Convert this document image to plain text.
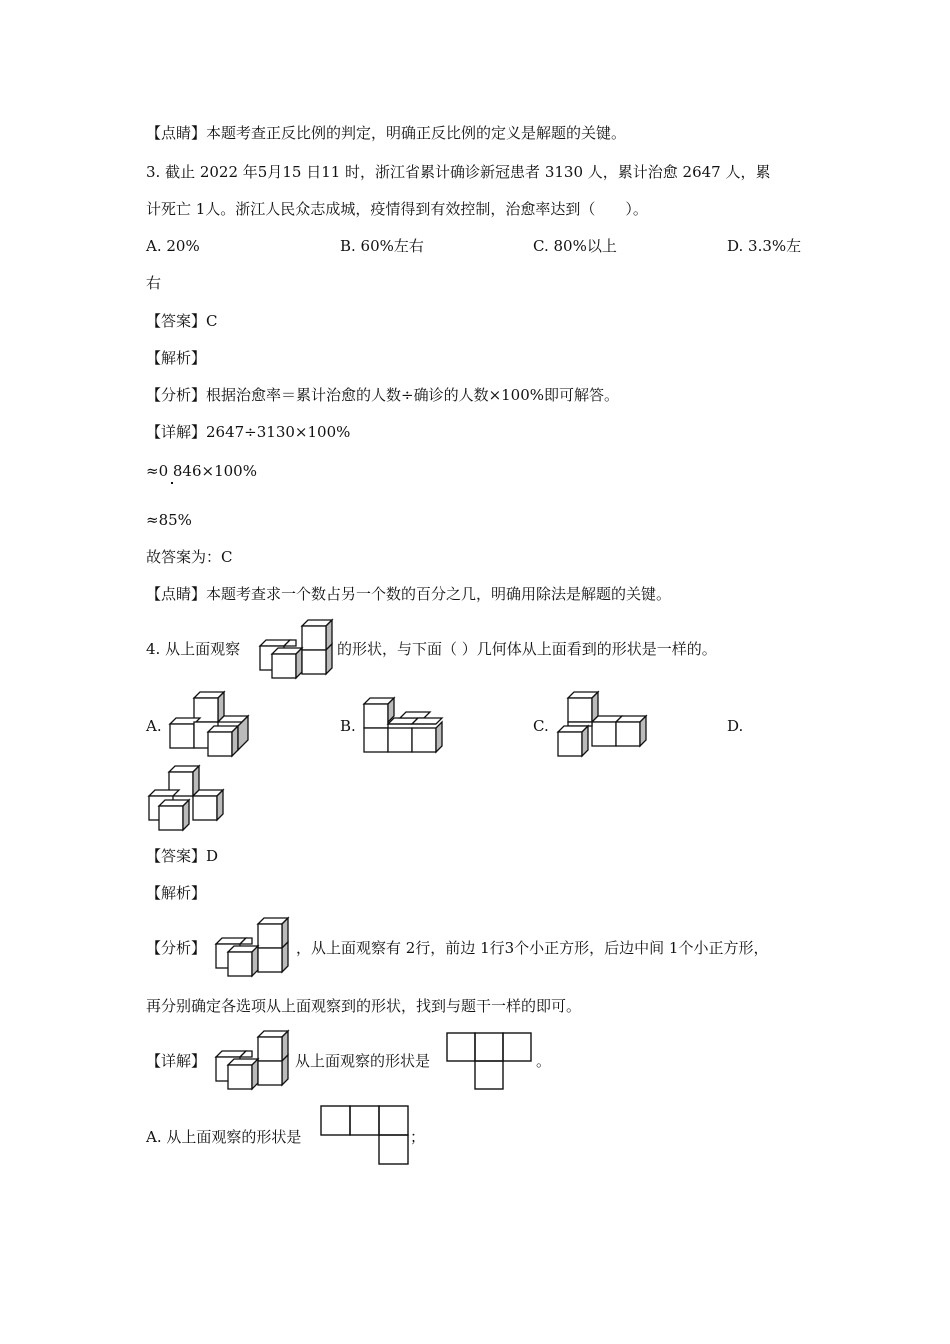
【点睛】本题考查正反比例的判定，明确正反比例的定义是解题的关键。
3. 截止 2022 年5月15 日11 时，浙江省累计确诊新冠患者 3130 人，累计治愈 2647 人，累
计死亡 1人。浙江人民众志成城，疫情得到有效控制，治愈率达到（　　）。
A. 20%	B. 60%左右	C. 80%以上	D. 3.3%左
右
【答案】C
【解析】
【分析】根据治愈率＝累计治愈的人数÷确诊的人数×100%即可解答。
【详解】2647÷3130×100%
≈0 846×100%
≈85%
故答案为：C
【点睛】本题考查求一个数占另一个数的百分之几，明确用除法是解题的关键。
4. 从上面观察	的形状，与下面（ ）几何体从上面看到的形状是一样的。
A.	B.	C.	D.
【答案】D
【解析】
【分析】	，从上面观察有 2行，前边 1行3个小正方形，后边中间 1个小正方形，
再分别确定各选项从上面观察到的形状，找到与题干一样的即可。
【详解】	从上面观察的形状是	。
A. 从上面观察的形状是	；
